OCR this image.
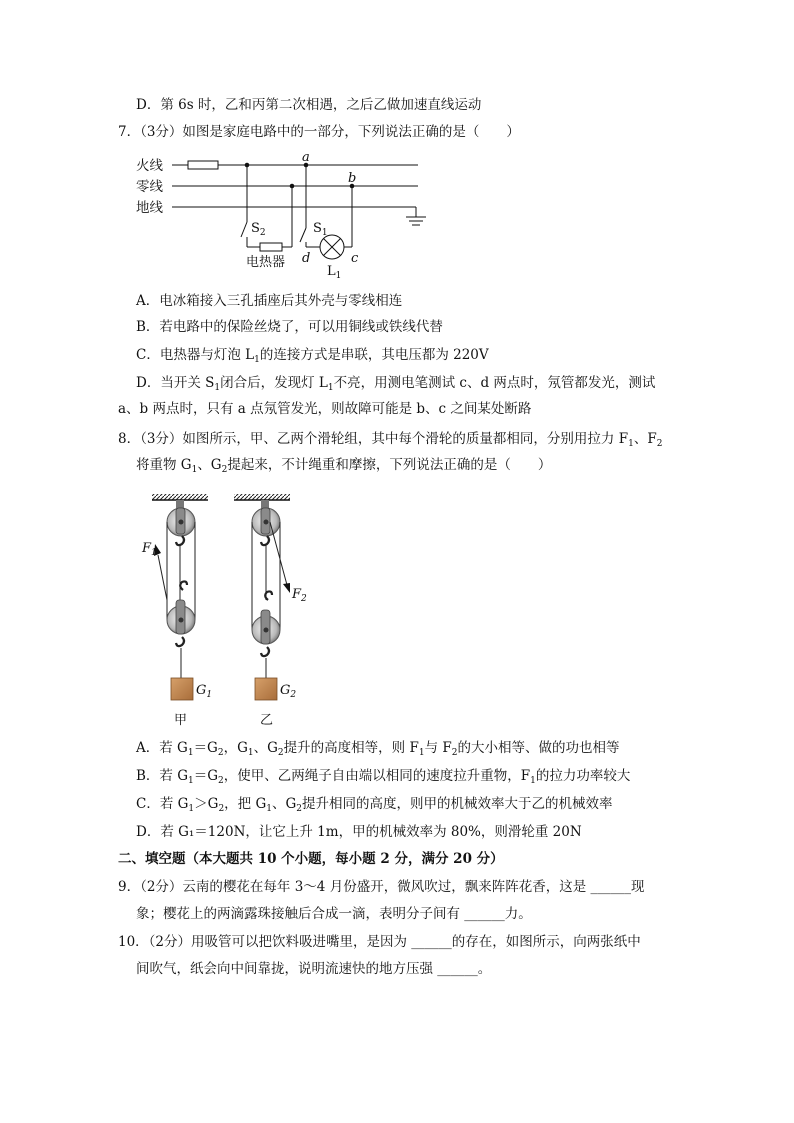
D．第 6s 时，乙和丙第二次相遇，之后乙做加速直线运动
7．（3分）如图是家庭电路中的一部分，下列说法正确的是（　　）
火线
零线
地线
a
b
d	c
$S_2$	$S_1$
电热器
$L_1$
A．电冰箱接入三孔插座后其外壳与零线相连
B．若电路中的保险丝烧了，可以用铜线或铁线代替
C．电热器与灯泡 $L_1$的连接方式是串联，其电压都为 220V
D．当开关 $S_1$闭合后，发现灯 $L_1$不亮，用测电笔测试 c、d 两点时，氖管都发光，测试
a、b 两点时，只有 a 点氖管发光，则故障可能是 b、c 之间某处断路
8．（3分）如图所示，甲、乙两个滑轮组，其中每个滑轮的质量都相同，分别用拉力 $F_1$、$F_2$
将重物 $G_1$、$G_2$提起来，不计绳重和摩擦，下列说法正确的是（　　）
$F_1$
$G_1$
甲
$F_2$
$G_2$
乙
A．若 $G_1=G_2$，$G_1$、$G_2$提升的高度相等，则 $F_1$与 $F_2$的大小相等、做的功也相等
B．若 $G_1=G_2$，使甲、乙两绳子自由端以相同的速度拉升重物，$F_1$的拉力功率较大
C．若 $G_1>G_2$，把 $G_1$、$G_2$提升相同的高度，则甲的机械效率大于乙的机械效率
D．若 G₁＝120N，让它上升 1m，甲的机械效率为 80%，则滑轮重 20N
二、填空题（本大题共 10 个小题，每小题 2 分，满分 20 分）
9．（2分）云南的樱花在每年 3～4 月份盛开，微风吹过，飘来阵阵花香，这是 ______现
象；樱花上的两滴露珠接触后合成一滴，表明分子间有 ______力。
10．（2分）用吸管可以把饮料吸进嘴里，是因为 ______的存在，如图所示，向两张纸中
间吹气，纸会向中间靠拢，说明流速快的地方压强 ______。
